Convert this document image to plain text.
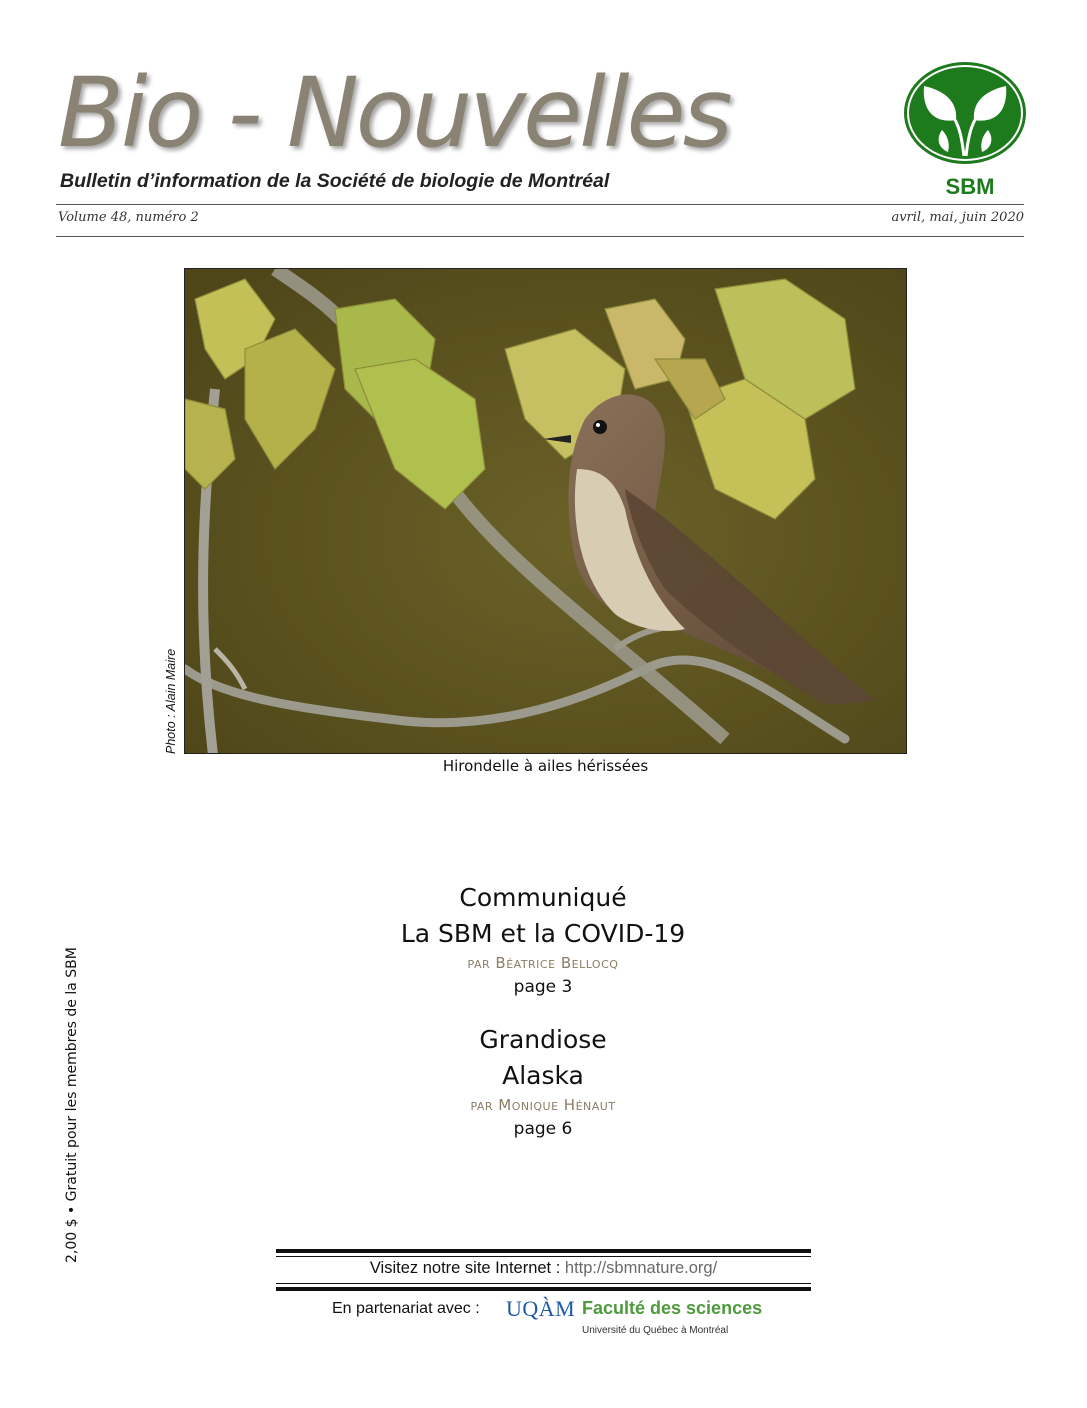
Bio - Nouvelles
Bulletin d’information de la Société de biologie de Montréal	SBM
Volume 48, numéro 2	avril, mai, juin 2020
Photo : Alain Maire
Hirondelle à ailes hérissées
Communiqué
La SBM et la COVID-19
par Béatrice Bellocq
page 3
Grandiose
Alaska
par Monique Hénaut
page 6
2,00 $ • Gratuit pour les membres de la SBM
Visitez notre site Internet : http://sbmnature.org/
En partenariat avec : UQÀM Faculté des sciences
Université du Québec à Montréal
